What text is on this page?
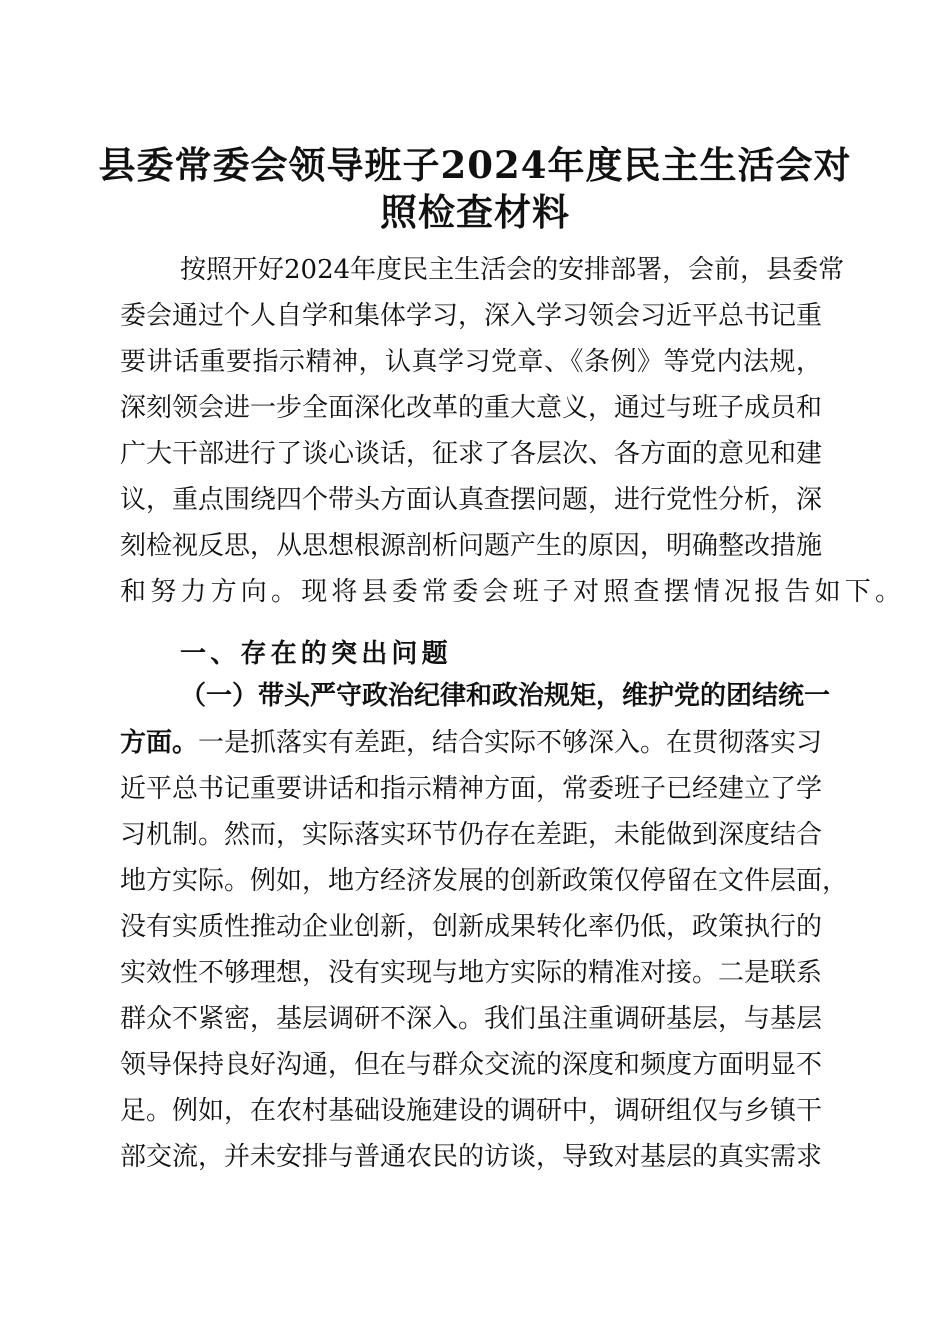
县委常委会领导班子2024年度民主生活会对
照检查材料
按照开好2024年度民主生活会的安排部署，会前，县委常
委会通过个人自学和集体学习，深入学习领会习近平总书记重
要讲话重要指示精神，认真学习党章、《条例》等党内法规，
深刻领会进一步全面深化改革的重大意义，通过与班子成员和
广大干部进行了谈心谈话，征求了各层次、各方面的意见和建
议，重点围绕四个带头方面认真查摆问题，进行党性分析，深
刻检视反思，从思想根源剖析问题产生的原因，明确整改措施
和努力方向。现将县委常委会班子对照查摆情况报告如下。
一、存在的突出问题
（一）带头严守政治纪律和政治规矩，维护党的团结统一
方面。一是抓落实有差距，结合实际不够深入。在贯彻落实习
近平总书记重要讲话和指示精神方面，常委班子已经建立了学
习机制。然而，实际落实环节仍存在差距，未能做到深度结合
地方实际。例如，地方经济发展的创新政策仅停留在文件层面，
没有实质性推动企业创新，创新成果转化率仍低，政策执行的
实效性不够理想，没有实现与地方实际的精准对接。二是联系
群众不紧密，基层调研不深入。我们虽注重调研基层，与基层
领导保持良好沟通，但在与群众交流的深度和频度方面明显不
足。例如，在农村基础设施建设的调研中，调研组仅与乡镇干
部交流，并未安排与普通农民的访谈，导致对基层的真实需求
